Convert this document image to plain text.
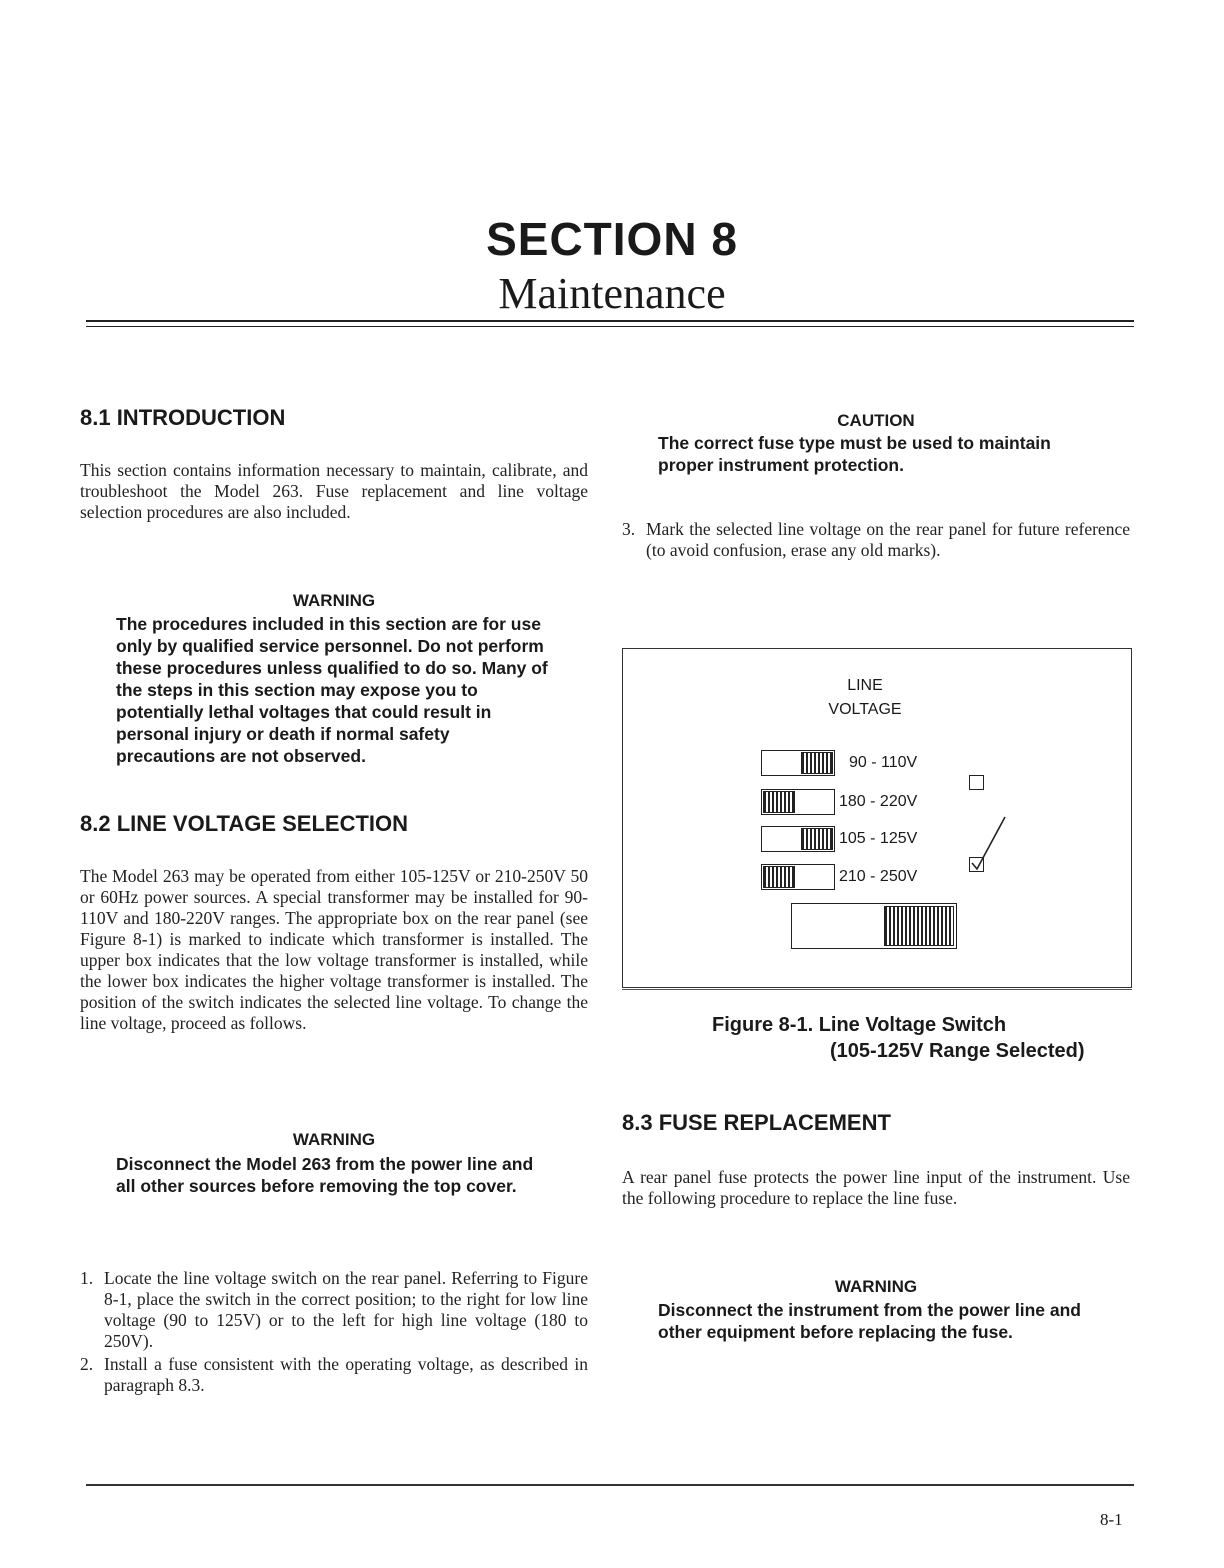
SECTION 8
Maintenance
8.1 INTRODUCTION
This section contains information necessary to maintain, calibrate, and troubleshoot the Model 263. Fuse replacement and line voltage selection procedures are also included.
WARNING
The procedures included in this section are for use only by qualified service personnel. Do not perform these procedures unless qualified to do so. Many of the steps in this section may expose you to potentially lethal voltages that could result in personal injury or death if normal safety precautions are not observed.
8.2 LINE VOLTAGE SELECTION
The Model 263 may be operated from either 105-125V or 210-250V 50 or 60Hz power sources. A special transformer may be installed for 90-110V and 180-220V ranges. The appropriate box on the rear panel (see Figure 8-1) is marked to indicate which transformer is installed. The upper box indicates that the low voltage transformer is installed, while the lower box indicates the higher voltage transformer is installed. The position of the switch indicates the selected line voltage. To change the line voltage, proceed as follows.
WARNING
Disconnect the Model 263 from the power line and all other sources before removing the top cover.
1. Locate the line voltage switch on the rear panel. Referring to Figure 8-1, place the switch in the correct position; to the right for low line voltage (90 to 125V) or to the left for high line voltage (180 to 250V).
2. Install a fuse consistent with the operating voltage, as described in paragraph 8.3.
CAUTION
The correct fuse type must be used to maintain proper instrument protection.
3. Mark the selected line voltage on the rear panel for future reference (to avoid confusion, erase any old marks).
LINE
VOLTAGE
90 - 110V
180 - 220V
105 - 125V
210 - 250V
Figure 8-1. Line Voltage Switch
(105-125V Range Selected)
8.3 FUSE REPLACEMENT
A rear panel fuse protects the power line input of the instrument. Use the following procedure to replace the line fuse.
WARNING
Disconnect the instrument from the power line and other equipment before replacing the fuse.
8-1
